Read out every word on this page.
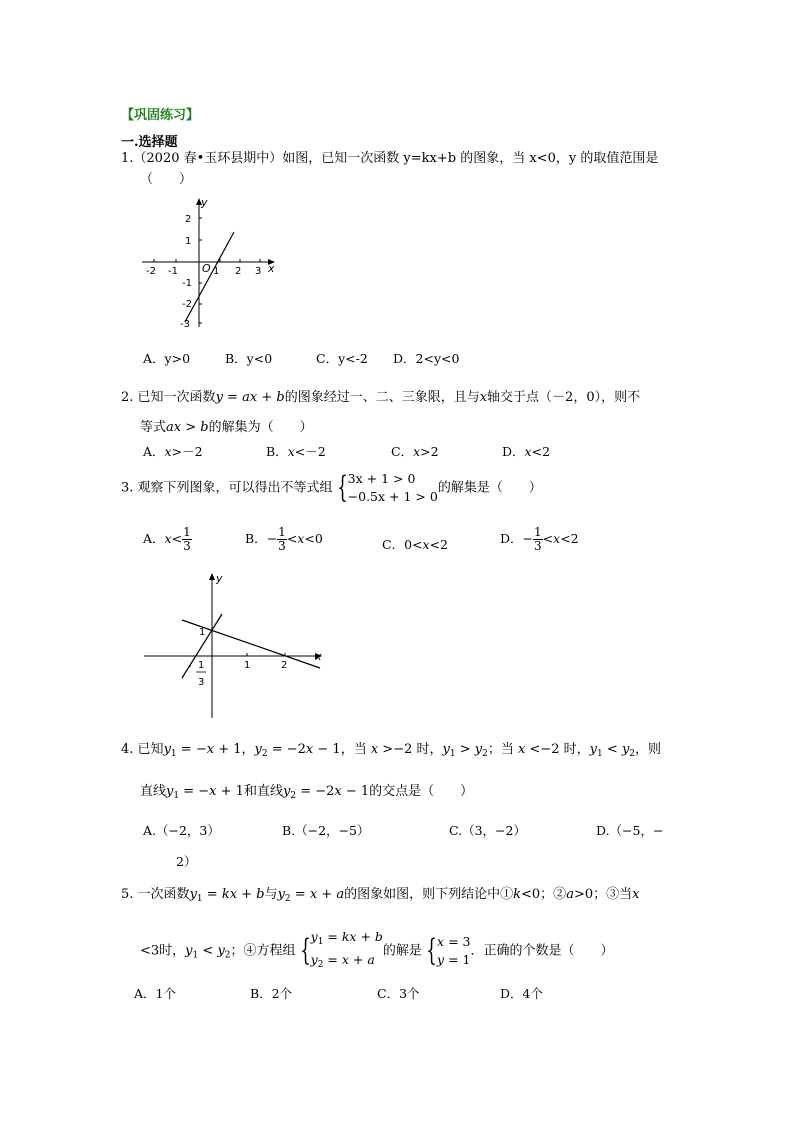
【巩固练习】
一.选择题
1.（2020 春•玉环县期中）如图，已知一次函数 y=kx+b 的图象，当 x<0，y 的取值范围是
（　　）
-2 -1	1 2 3
O	x
y
2
1
-1
-2
-3
A．y>0	B．y<0	C．y<-2 D．2<y<0
2. 已知一次函数y = ax + b的图象经过一、二、三象限，且与x轴交于点（－2，0），则不
等式ax > b的解集为（　　）
A．x>－2	B．x<－2	C．x>2	D．x<2
3. 观察下列图象，可以得出不等式组 { 3x + 1 > 0
−0.5x + 1 > 0
的解集是（　　）
A．$x< \frac{1}{3}$	B．− $\frac{1}{3} <x<0$	C．0<x<2	D．− $\frac{1}{3} <x<2$
x
y
1
1	2
- 1
3
4. 已知$y_1 = -x + 1$，$y_2 = -2x - 1$，当 x >−2 时，$y_1 > y_2$；当 x <−2 时，$y_1 < y_2$，则
直线$y_1 = -x + 1$和直线$y_2 = -2x - 1$的交点是（　　）
A.（−2，3）	B.（−2，−5）	C.（3，−2）	D.（−5，−
2）
5. 一次函数$y_1$ = kx + b与$y_2 = x + a$的图象如图，则下列结论中①k<0；②a>0；③当x
<3时，$y_1 < y_2$；④方程组 { $y_1$ = kx + b
$y_2 = x + a$
的解是 { x = 3
y = 1
．正确的个数是（　　）
A．1个	B．2个	C．3个	D．4个
